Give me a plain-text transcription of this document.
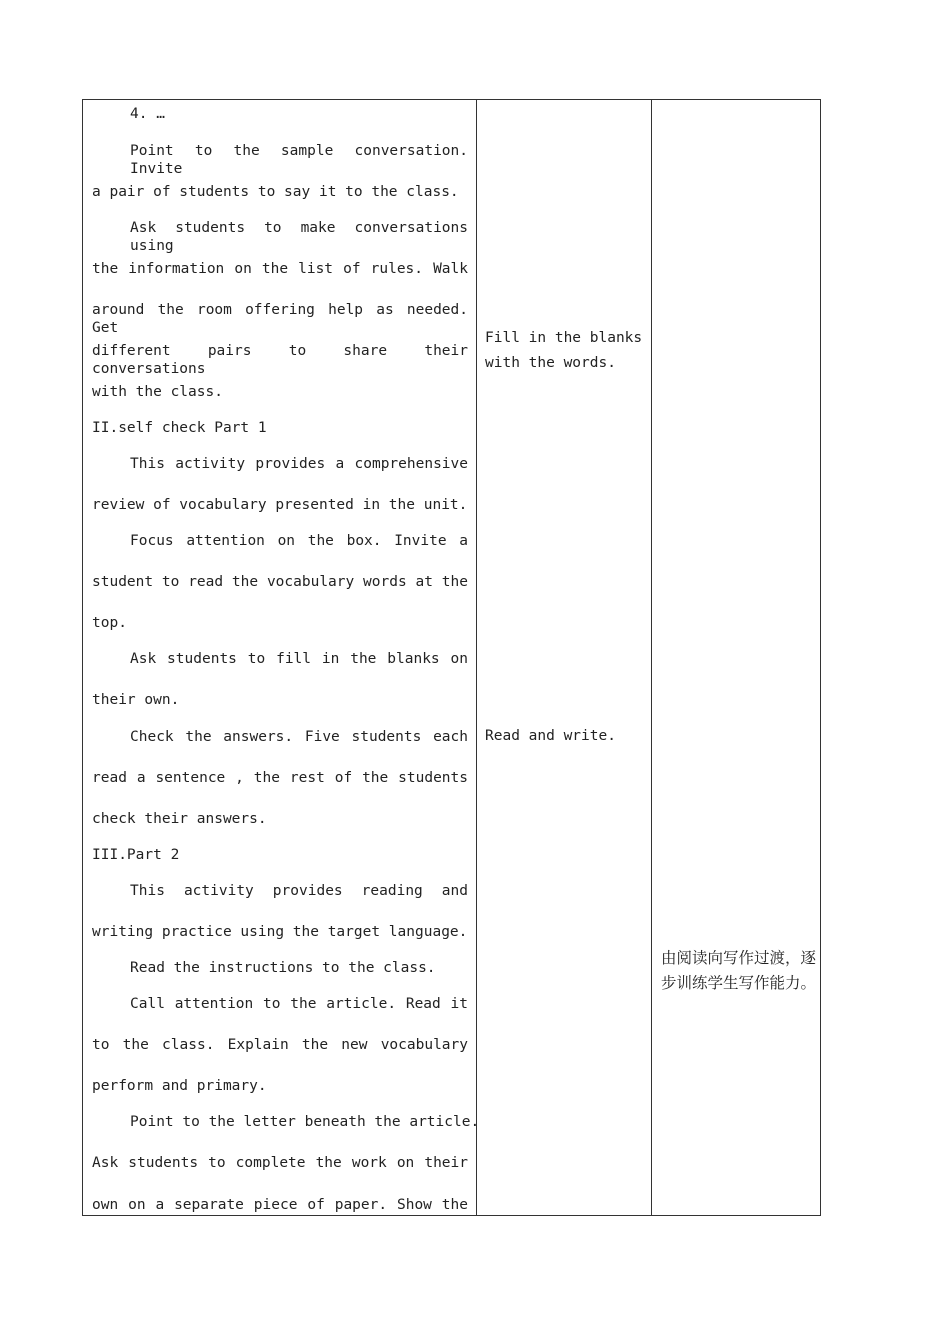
4. …
Point to the sample conversation. Invite
a pair of students to say it to the class.
Ask students to make conversations using
the information on the list of rules. Walk
around the room offering help as needed. Get
different pairs to share their conversations
with the class.
II.self check Part 1
This activity provides a comprehensive
review of vocabulary presented in the unit.
Focus attention on the box. Invite a
student to read the vocabulary words at the
top.
Ask students to fill in the blanks on
their own.
Check the answers. Five students each
read a sentence , the rest of the students
check their answers.
III.Part 2
This activity provides reading and
writing practice using the target language.
Read the instructions to the class.
Call attention to the article. Read it
to the class. Explain the new vocabulary
perform and primary.
Point to the letter beneath the article.
Ask students to complete the work on their
own on a separate piece of paper. Show the
Fill in the blanks
with the words.
Read and write.
由阅读向写作过渡，逐步训练学生写作能力。
